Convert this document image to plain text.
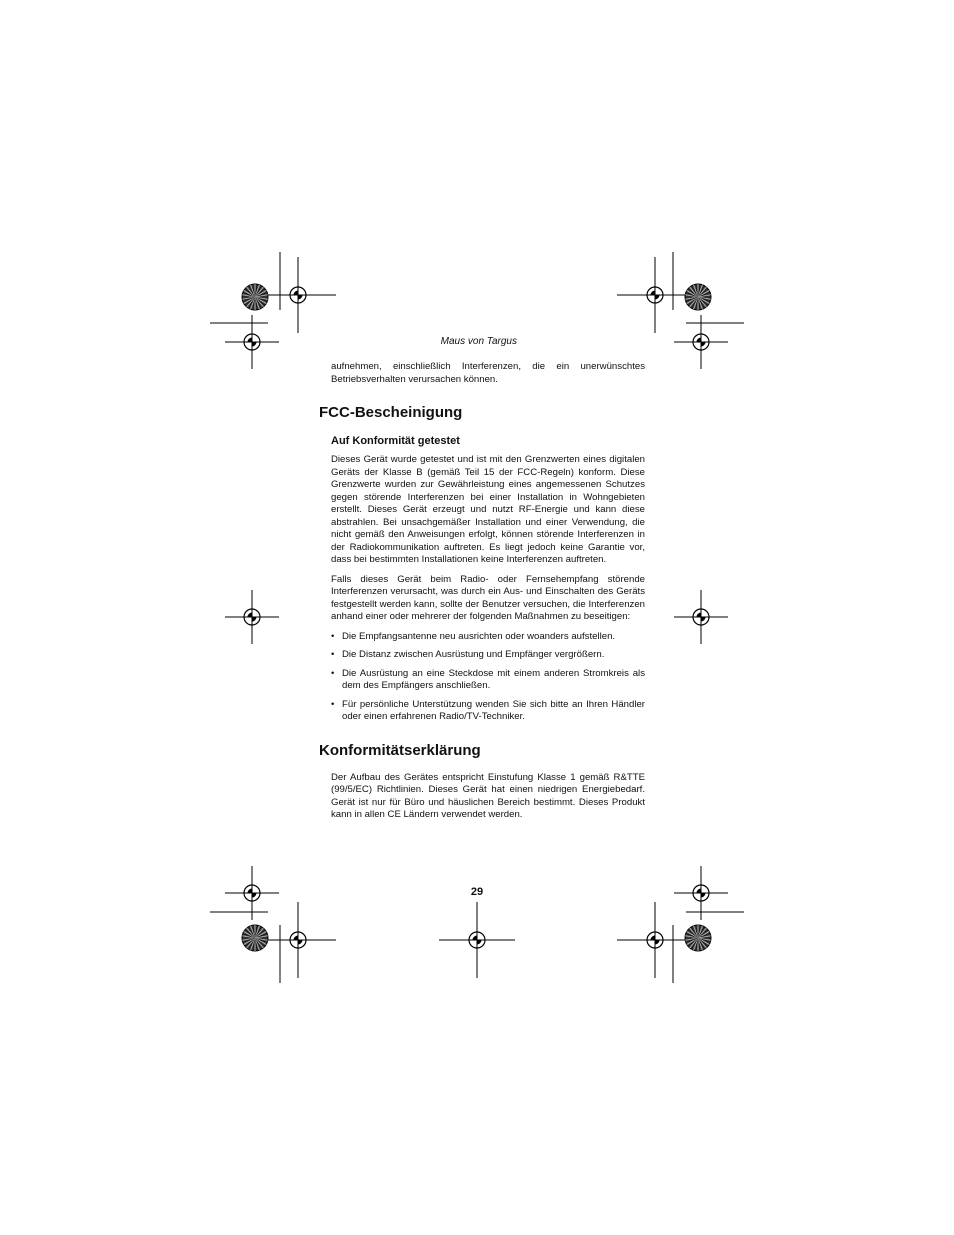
Maus von Targus

aufnehmen, einschließlich Interferenzen, die ein unerwünschtes Betriebsverhalten verursachen können.

FCC-Bescheinigung
Auf Konformität getestet

Dieses Gerät wurde getestet und ist mit den Grenzwerten eines digitalen Geräts der Klasse B (gemäß Teil 15 der FCC-Regeln) konform. Diese Grenzwerte wurden zur Gewährleistung eines angemessenen Schutzes gegen störende Interferenzen bei einer Installation in Wohngebieten erstellt. Dieses Gerät erzeugt und nutzt RF-Energie und kann diese abstrahlen. Bei unsachgemäßer Installation und einer Verwendung, die nicht gemäß den Anweisungen erfolgt, können störende Interferenzen in der Radiokommunikation auftreten. Es liegt jedoch keine Garantie vor, dass bei bestimmten Installationen keine Interferenzen auftreten.

Falls dieses Gerät beim Radio- oder Fernsehempfang störende Interferenzen verursacht, was durch ein Aus- und Einschalten des Geräts festgestellt werden kann, sollte der Benutzer versuchen, die Interferenzen anhand einer oder mehrerer der folgenden Maßnahmen zu beseitigen:

• Die Empfangsantenne neu ausrichten oder woanders aufstellen.
• Die Distanz zwischen Ausrüstung und Empfänger vergrößern.
• Die Ausrüstung an eine Steckdose mit einem anderen Stromkreis als dem des Empfängers anschließen.
• Für persönliche Unterstützung wenden Sie sich bitte an Ihren Händler oder einen erfahrenen Radio/TV-Techniker.
Konformitätserklärung

Der Aufbau des Gerätes entspricht Einstufung Klasse 1 gemäß R&TTE (99/5/EC) Richtlinien. Dieses Gerät hat einen niedrigen Energiebedarf. Gerät ist nur für Büro und häuslichen Bereich bestimmt. Dieses Produkt kann in allen CE Ländern verwendet werden.

29
